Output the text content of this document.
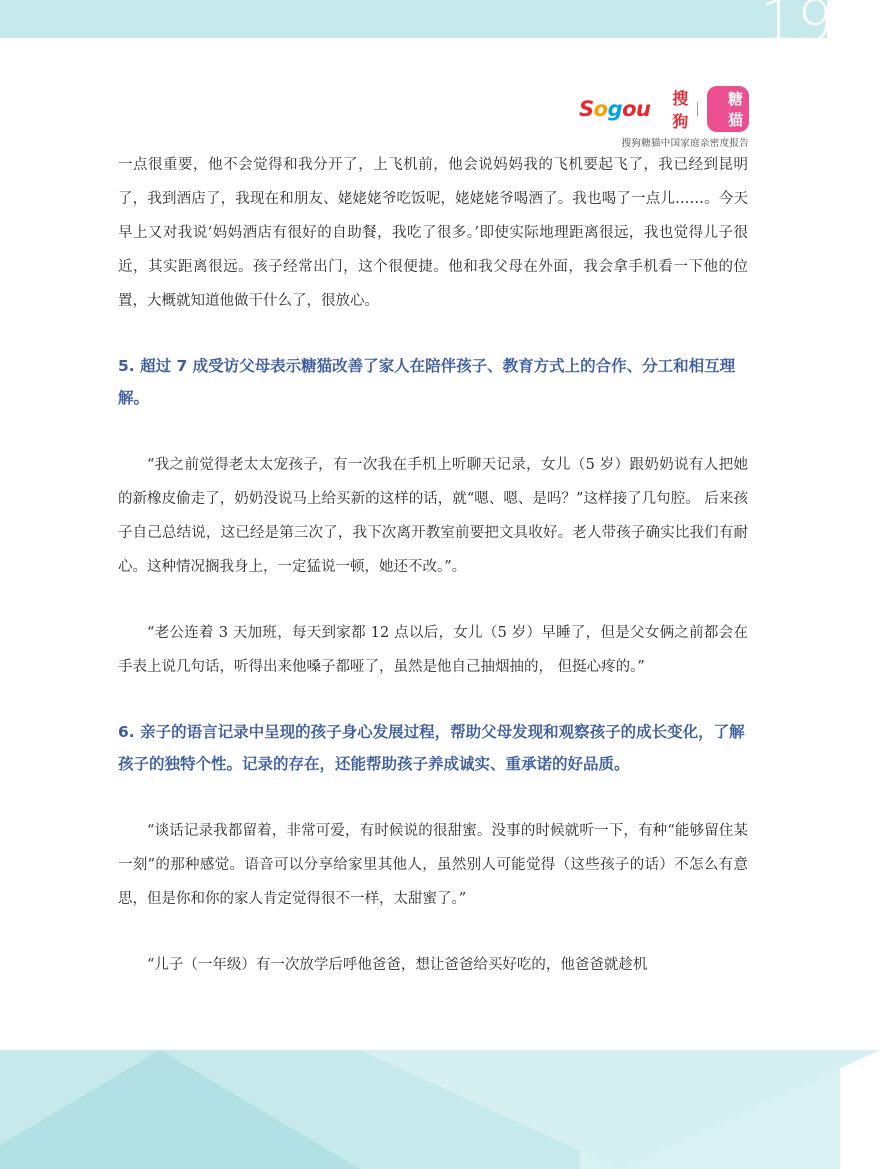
19
Sogou	搜狗
糖猫
搜狗糖猫中国家庭亲密度报告

一点很重要，他不会觉得和我分开了，上飞机前，他会说妈妈我的飞机要起飞了，我已经到昆明了，我到酒店了，我现在和朋友、姥姥姥爷吃饭呢，姥姥姥爷喝酒了。我也喝了一点儿……。今天早上又对我说‘妈妈酒店有很好的自助餐，我吃了很多。’即使实际地理距离很远，我也觉得儿子很近，其实距离很远。孩子经常出门，这个很便捷。他和我父母在外面，我会拿手机看一下他的位置，大概就知道他做干什么了，很放心。

5. 超过 7 成受访父母表示糖猫改善了家人在陪伴孩子、教育方式上的合作、分工和相互理解。

“我之前觉得老太太宠孩子，有一次我在手机上听聊天记录，女儿（5 岁）跟奶奶说有人把她的新橡皮偷走了，奶奶没说马上给买新的这样的话，就“嗯、嗯、是吗？”这样接了几句腔。 后来孩子自己总结说，这已经是第三次了，我下次离开教室前要把文具收好。老人带孩子确实比我们有耐心。这种情况搁我身上，一定猛说一顿，她还不改。”。

“老公连着 3 天加班，每天到家都 12 点以后，女儿（5 岁）早睡了，但是父女俩之前都会在手表上说几句话，听得出来他嗓子都哑了，虽然是他自己抽烟抽的， 但挺心疼的。”

6. 亲子的语言记录中呈现的孩子身心发展过程，帮助父母发现和观察孩子的成长变化，了解孩子的独特个性。记录的存在，还能帮助孩子养成诚实、重承诺的好品质。

“谈话记录我都留着，非常可爱，有时候说的很甜蜜。没事的时候就听一下，有种“能够留住某一刻”的那种感觉。语音可以分享给家里其他人，虽然别人可能觉得（这些孩子的话）不怎么有意思，但是你和你的家人肯定觉得很不一样，太甜蜜了。”

“儿子（一年级）有一次放学后呼他爸爸，想让爸爸给买好吃的，他爸爸就趁机
